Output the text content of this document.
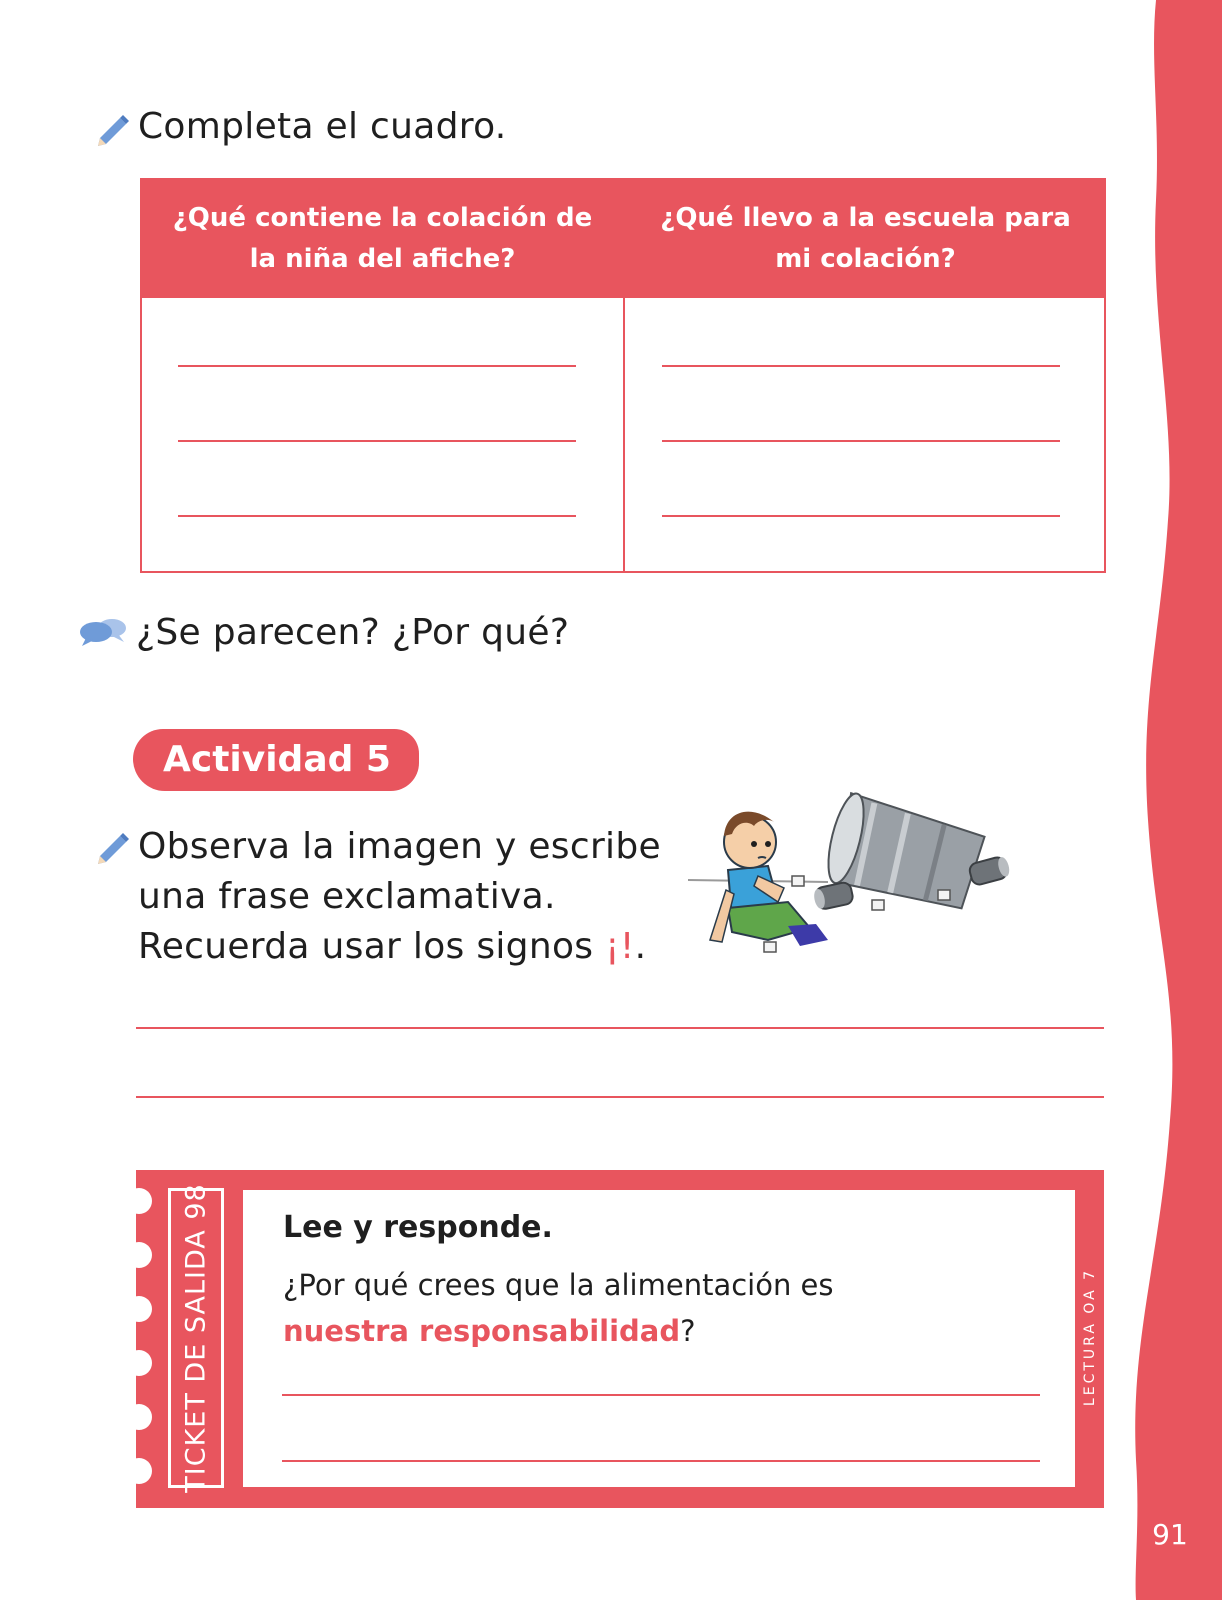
91
Completa el cuadro.
¿Qué contiene la colación de la niña del afiche?
¿Qué llevo a la escuela para mi colación?
¿Se parecen? ¿Por qué?
Actividad 5
Observa la imagen y escribe
una frase exclamativa.
Recuerda usar los signos ¡!.
TICKET DE SALIDA 98 Lee y responde.
¿Por qué crees que la alimentación es
nuestra responsabilidad?	LECTURA OA 7
